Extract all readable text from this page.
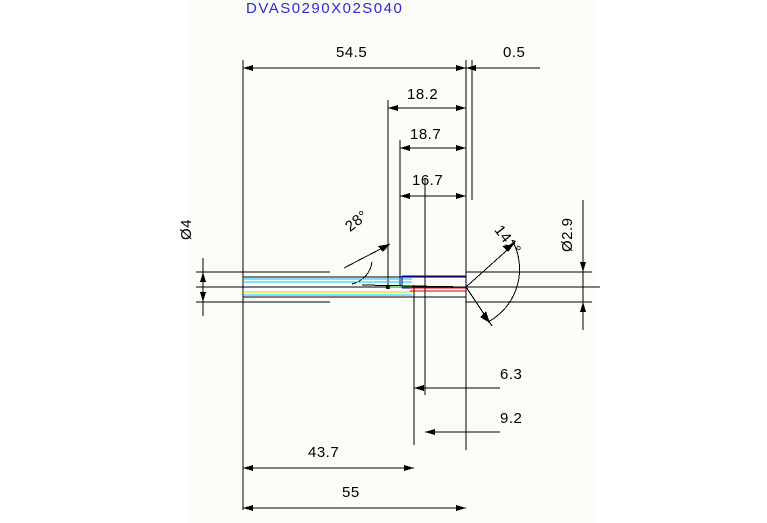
DVAS0290X02S040
54.5	0.5
18.2
18.7
16.7
43.7
55
6.3
9.2
Ø4	Ø2.9
28°
141°
